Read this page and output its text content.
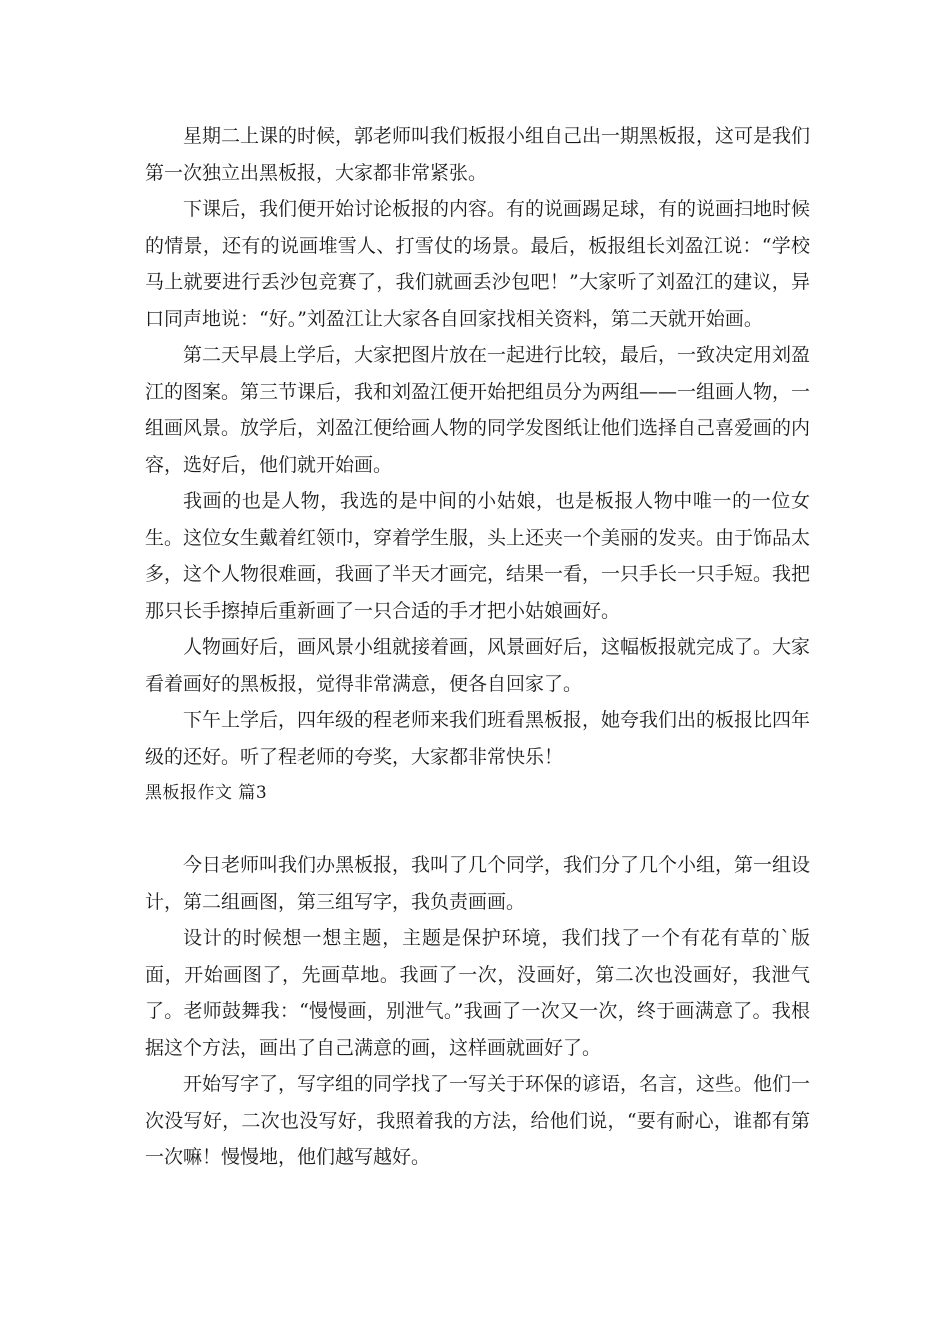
星期二上课的时候，郭老师叫我们板报小组自己出一期黑板报，这可是我们第一次独立出黑板报，大家都非常紧张。

下课后，我们便开始讨论板报的内容。有的说画踢足球，有的说画扫地时候的情景，还有的说画堆雪人、打雪仗的场景。最后，板报组长刘盈江说：“学校马上就要进行丢沙包竞赛了，我们就画丢沙包吧！”大家听了刘盈江的建议，异口同声地说：“好。”刘盈江让大家各自回家找相关资料，第二天就开始画。

第二天早晨上学后，大家把图片放在一起进行比较，最后，一致决定用刘盈江的图案。第三节课后，我和刘盈江便开始把组员分为两组——一组画人物，一组画风景。放学后，刘盈江便给画人物的同学发图纸让他们选择自己喜爱画的内容，选好后，他们就开始画。

我画的也是人物，我选的是中间的小姑娘，也是板报人物中唯一的一位女生。这位女生戴着红领巾，穿着学生服，头上还夹一个美丽的发夹。由于饰品太多，这个人物很难画，我画了半天才画完，结果一看，一只手长一只手短。我把那只长手擦掉后重新画了一只合适的手才把小姑娘画好。

人物画好后，画风景小组就接着画，风景画好后，这幅板报就完成了。大家看着画好的黑板报，觉得非常满意，便各自回家了。

下午上学后，四年级的程老师来我们班看黑板报，她夸我们出的板报比四年级的还好。听了程老师的夸奖，大家都非常快乐！

黑板报作文 篇3

今日老师叫我们办黑板报，我叫了几个同学，我们分了几个小组，第一组设计，第二组画图，第三组写字，我负责画画。

设计的时候想一想主题，主题是保护环境，我们找了一个有花有草的`版面，开始画图了，先画草地。我画了一次，没画好，第二次也没画好，我泄气了。老师鼓舞我：“慢慢画，别泄气。”我画了一次又一次，终于画满意了。我根据这个方法，画出了自己满意的画，这样画就画好了。

开始写字了，写字组的同学找了一写关于环保的谚语，名言，这些。他们一次没写好，二次也没写好，我照着我的方法，给他们说，“要有耐心，谁都有第一次嘛！慢慢地，他们越写越好。
